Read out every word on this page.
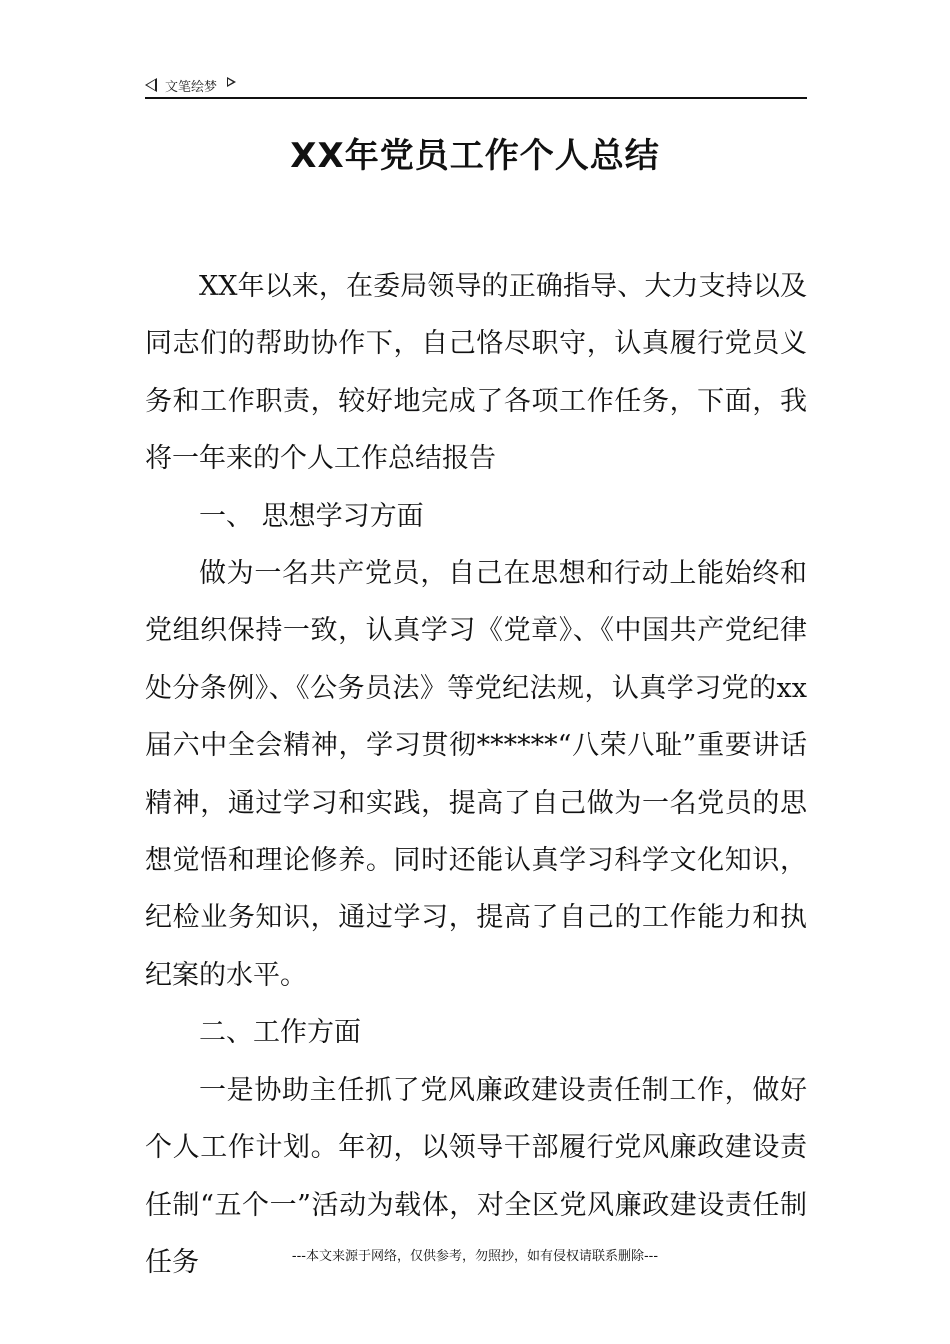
文笔绘梦
XX年党员工作个人总结

XX年以来，在委局领导的正确指导、大力支持以及同志们的帮助协作下，自己恪尽职守，认真履行党员义务和工作职责，较好地完成了各项工作任务，下面，我将一年来的个人工作总结报告

一、 思想学习方面

做为一名共产党员，自己在思想和行动上能始终和党组织保持一致，认真学习《党章》、《中国共产党纪律处分条例》、《公务员法》等党纪法规，认真学习党的xx届六中全会精神，学习贯彻******“八荣八耻”重要讲话精神，通过学习和实践，提高了自己做为一名党员的思想觉悟和理论修养。同时还能认真学习科学文化知识，纪检业务知识，通过学习，提高了自己的工作能力和执纪案的水平。

二、工作方面

一是协助主任抓了党风廉政建设责任制工作，做好个人工作计划。年初，以领导干部履行党风廉政建设责任制“五个一”活动为载体，对全区党风廉政建设责任制任务	---本文来源于网络，仅供参考，勿照抄，如有侵权请联系删除---
